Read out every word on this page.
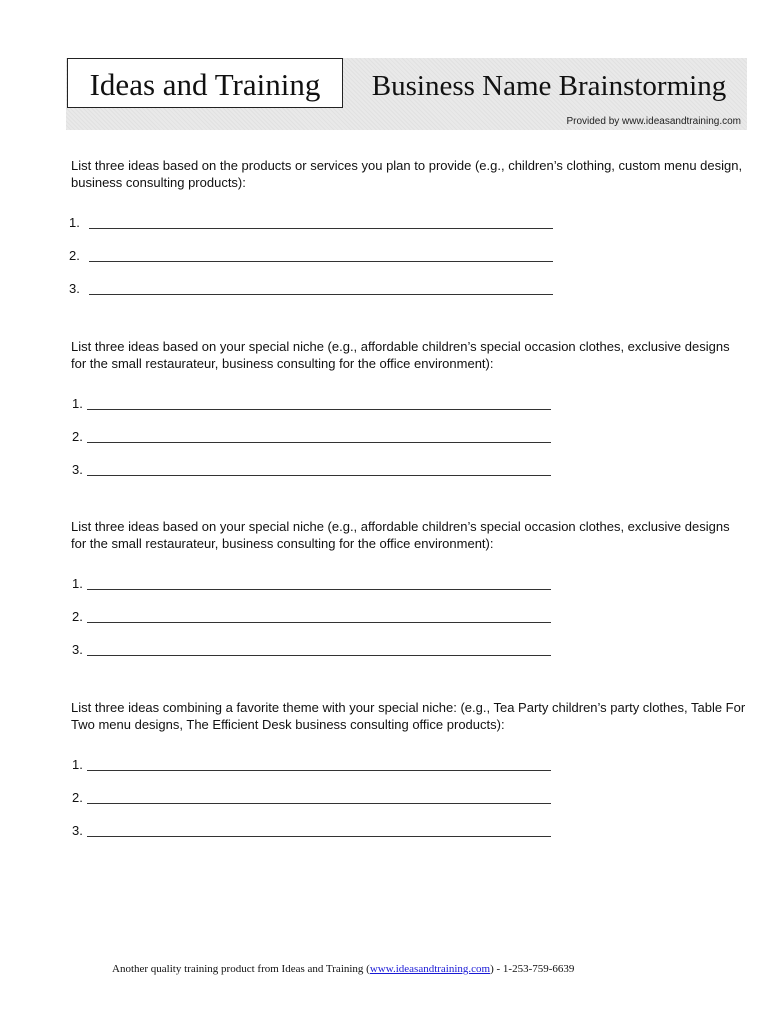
Ideas and Training	Business Name Brainstorming
Provided by www.ideasandtraining.com

List three ideas based on the products or services you plan to provide (e.g., children’s clothing, custom menu design, business consulting products):

1.
2.
3.

List three ideas based on your special niche (e.g., affordable children’s special occasion clothes, exclusive designs for the small restaurateur, business consulting for the office environment):

1.
2.
3.

List three ideas based on your special niche (e.g., affordable children’s special occasion clothes, exclusive designs for the small restaurateur, business consulting for the office environment):

1.
2.
3.

List three ideas combining a favorite theme with your special niche: (e.g., Tea Party children’s party clothes, Table For Two menu designs, The Efficient Desk business consulting office products):

1.
2.
3.
Another quality training product from Ideas and Training (www.ideasandtraining.com) - 1-253-759-6639
